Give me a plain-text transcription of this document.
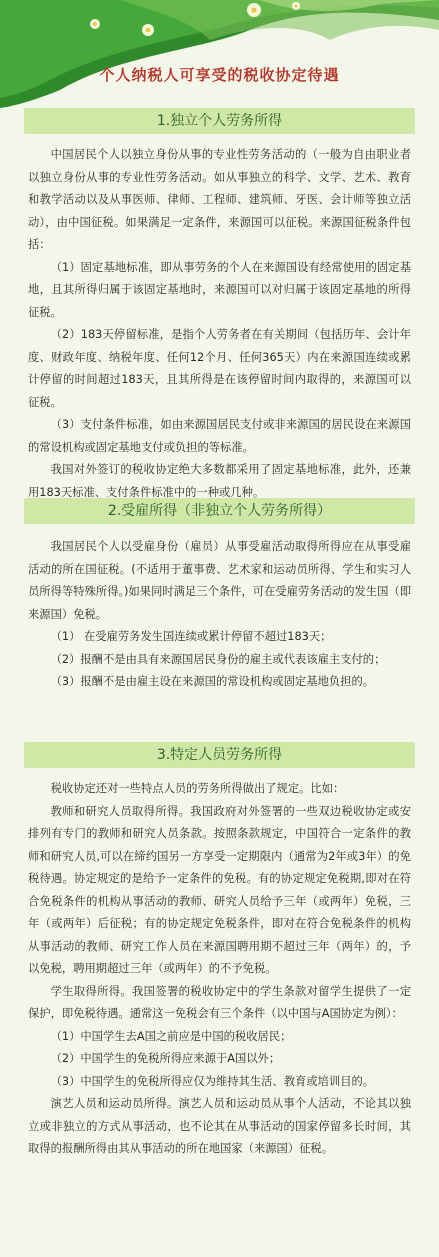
个人纳税人可享受的税收协定待遇
1.独立个人劳务所得

中国居民个人以独立身份从事的专业性劳务活动的（一般为自由职业者以独立身份从事的专业性劳务活动。如从事独立的科学、文学、艺术、教育和教学活动以及从事医师、律师、工程师、建筑师、牙医、会计师等独立活动），由中国征税。如果满足一定条件，来源国可以征税。来源国征税条件包括：

（1）固定基地标准，即从事劳务的个人在来源国设有经常使用的固定基地，且其所得归属于该固定基地时，来源国可以对归属于该固定基地的所得征税。

（2）183天停留标准，是指个人劳务者在有关期间（包括历年、会计年度、财政年度、纳税年度、任何12个月、任何365天）内在来源国连续或累计停留的时间超过183天，且其所得是在该停留时间内取得的，来源国可以征税。

（3）支付条件标准，如由来源国居民支付或非来源国的居民设在来源国的常设机构或固定基地支付或负担的等标准。

我国对外签订的税收协定绝大多数都采用了固定基地标准，此外，还兼用183天标准、支付条件标准中的一种或几种。

2.受雇所得（非独立个人劳务所得）

我国居民个人以受雇身份（雇员）从事受雇活动取得所得应在从事受雇活动的所在国征税。(不适用于董事费、艺术家和运动员所得、学生和实习人员所得等特殊所得。)如果同时满足三个条件，可在受雇劳务活动的发生国（即来源国）免税。

（1） 在受雇劳务发生国连续或累计停留不超过183天；

（2）报酬不是由具有来源国居民身份的雇主或代表该雇主支付的；

（3）报酬不是由雇主设在来源国的常设机构或固定基地负担的。

3.特定人员劳务所得

税收协定还对一些特点人员的劳务所得做出了规定。比如：

教师和研究人员取得所得。我国政府对外签署的一些双边税收协定或安排列有专门的教师和研究人员条款。按照条款规定，中国符合一定条件的教师和研究人员,可以在缔约国另一方享受一定期限内（通常为2年或3年）的免税待遇。协定规定的是给予一定条件的免税。有的协定规定免税期,即对在符合免税条件的机构从事活动的教师、研究人员给予三年（或两年）免税，三年（或两年）后征税；有的协定规定免税条件，即对在符合免税条件的机构从事活动的教师、研究工作人员在来源国聘用期不超过三年（两年）的，予以免税，聘用期超过三年（或两年）的不予免税。

学生取得所得。我国签署的税收协定中的学生条款对留学生提供了一定保护，即免税待遇。通常这一免税会有三个条件（以中国与A国协定为例）：

（1）中国学生去A国之前应是中国的税收居民；

（2）中国学生的免税所得应来源于A国以外；

（3）中国学生的免税所得应仅为维持其生活、教育或培训目的。

演艺人员和运动员所得。演艺人员和运动员从事个人活动，不论其以独立或非独立的方式从事活动，也不论其在从事活动的国家停留多长时间，其取得的报酬所得由其从事活动的所在地国家（来源国）征税。
